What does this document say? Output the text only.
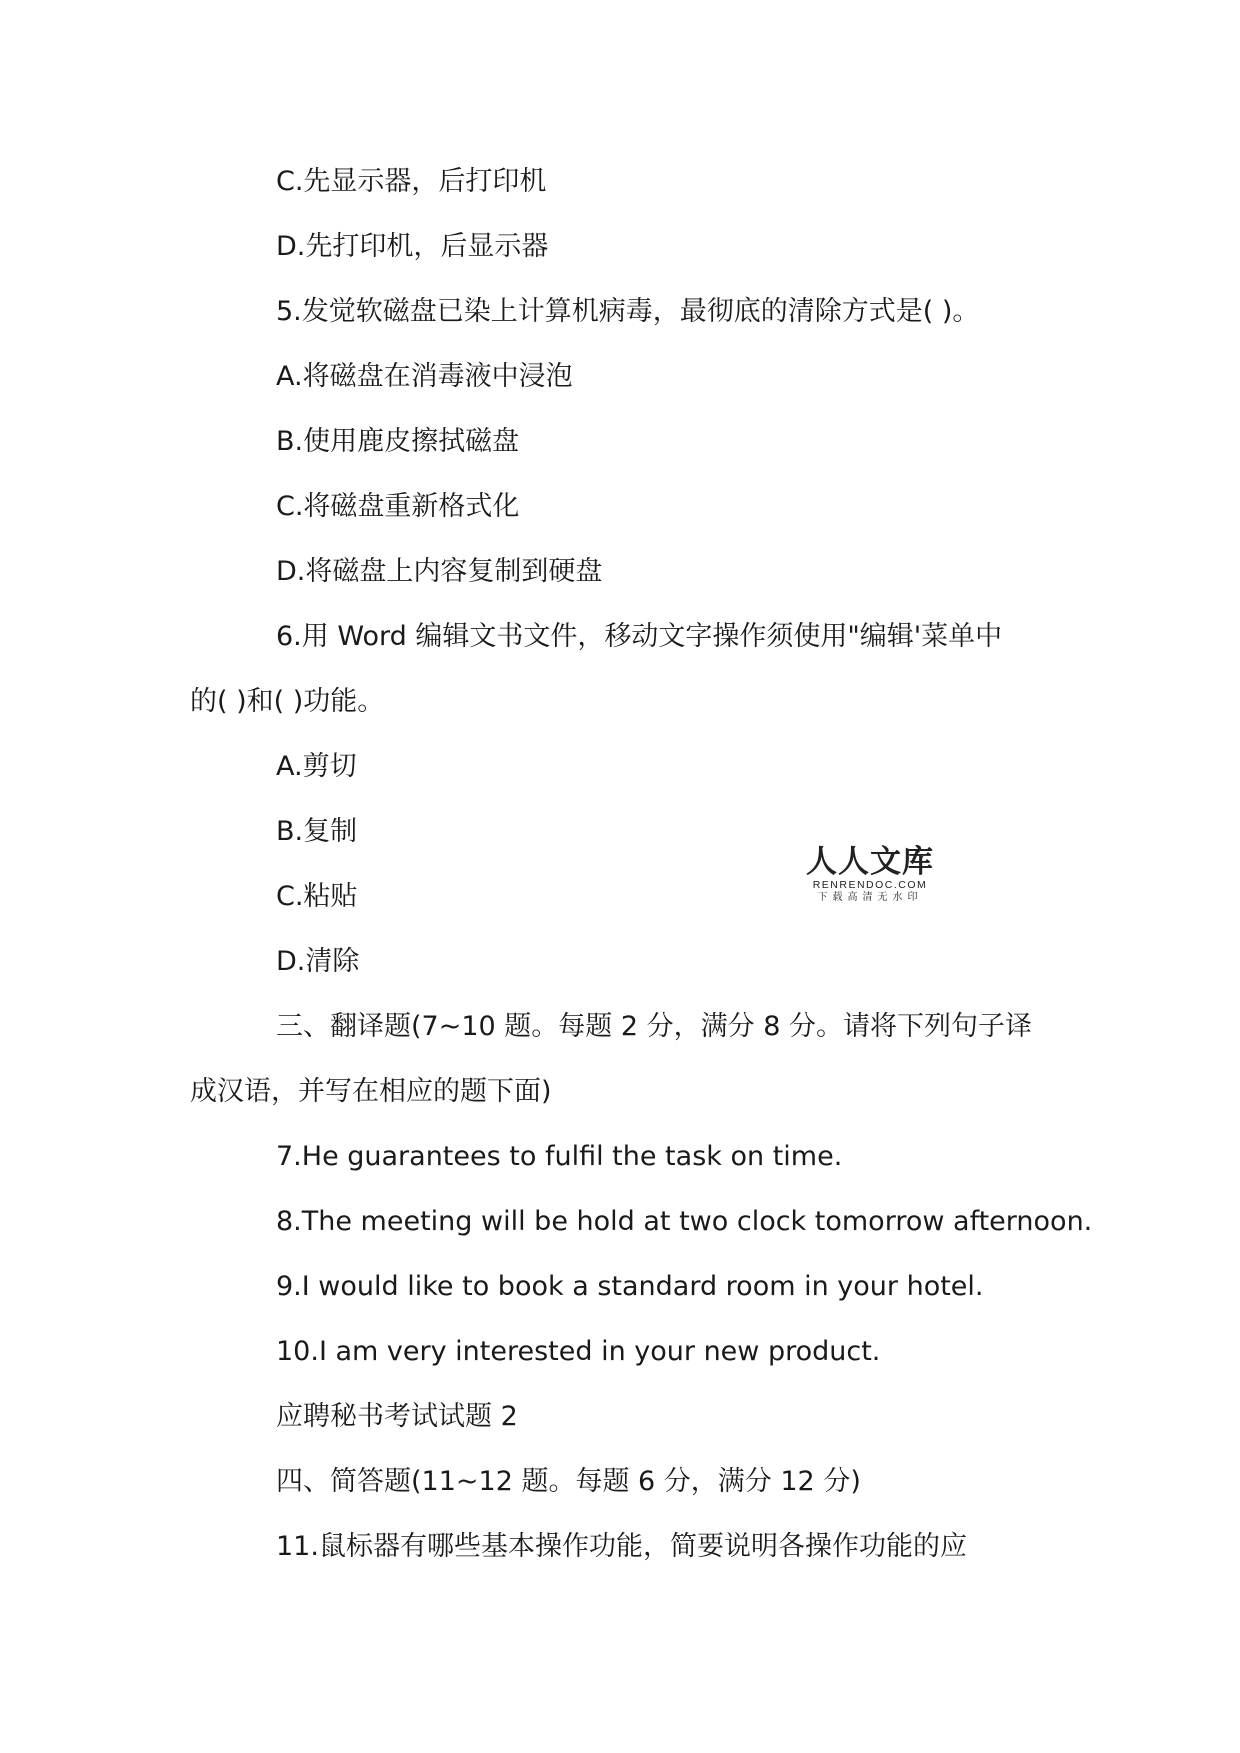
C.先显示器，后打印机
D.先打印机，后显示器
5.发觉软磁盘已染上计算机病毒，最彻底的清除方式是( )。
A.将磁盘在消毒液中浸泡
B.使用鹿皮擦拭磁盘
C.将磁盘重新格式化
D.将磁盘上内容复制到硬盘
6.用 Word 编辑文书文件，移动文字操作须使用"编辑'菜单中
的( )和( )功能。
A.剪切
B.复制
C.粘贴
D.清除
三、翻译题(7~10 题。每题 2 分，满分 8 分。请将下列句子译
成汉语，并写在相应的题下面)
7.He guarantees to fulfil the task on time.
8.The meeting will be hold at two clock tomorrow afternoon.
9.I would like to book a standard room in your hotel.
10.I am very interested in your new product.
应聘秘书考试试题 2
四、简答题(11~12 题。每题 6 分，满分 12 分)
11.鼠标器有哪些基本操作功能，简要说明各操作功能的应
人人文库
RENRENDOC.COM
下载高清无水印
